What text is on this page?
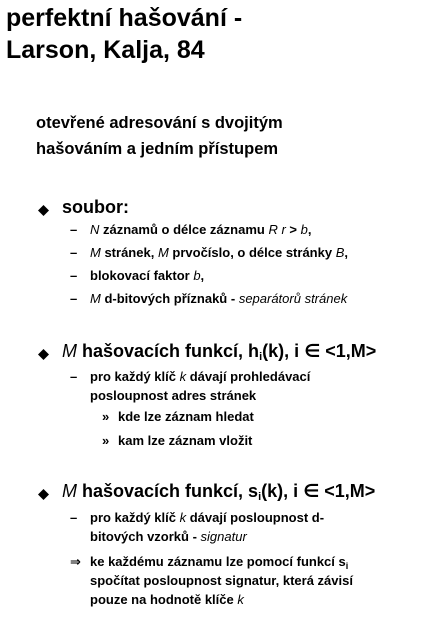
perfektní hašování -
Larson, Kalja, 84
otevřené adresování s dvojitým
hašováním a jedním přístupem
soubor:
– N záznamů o délce záznamu R r > b,
– M stránek, M prvočíslo, o délce stránky B,
– blokovací faktor b,
– M d-bitových příznaků - separátorů stránek
M hašovacích funkcí, $h_i(k)$, i ∈ <1,M>
– pro každý klíč k dávají prohledávací
posloupnost adres stránek
» kde lze záznam hledat
» kam lze záznam vložit
M hašovacích funkcí, $s_i(k)$, i ∈ <1,M>
– pro každý klíč k dávají posloupnost d-
bitových vzorků - signatur
⇒ ke každému záznamu lze pomocí funkcí $s_i$
spočítat posloupnost signatur, která závisí
pouze na hodnotě klíče k
